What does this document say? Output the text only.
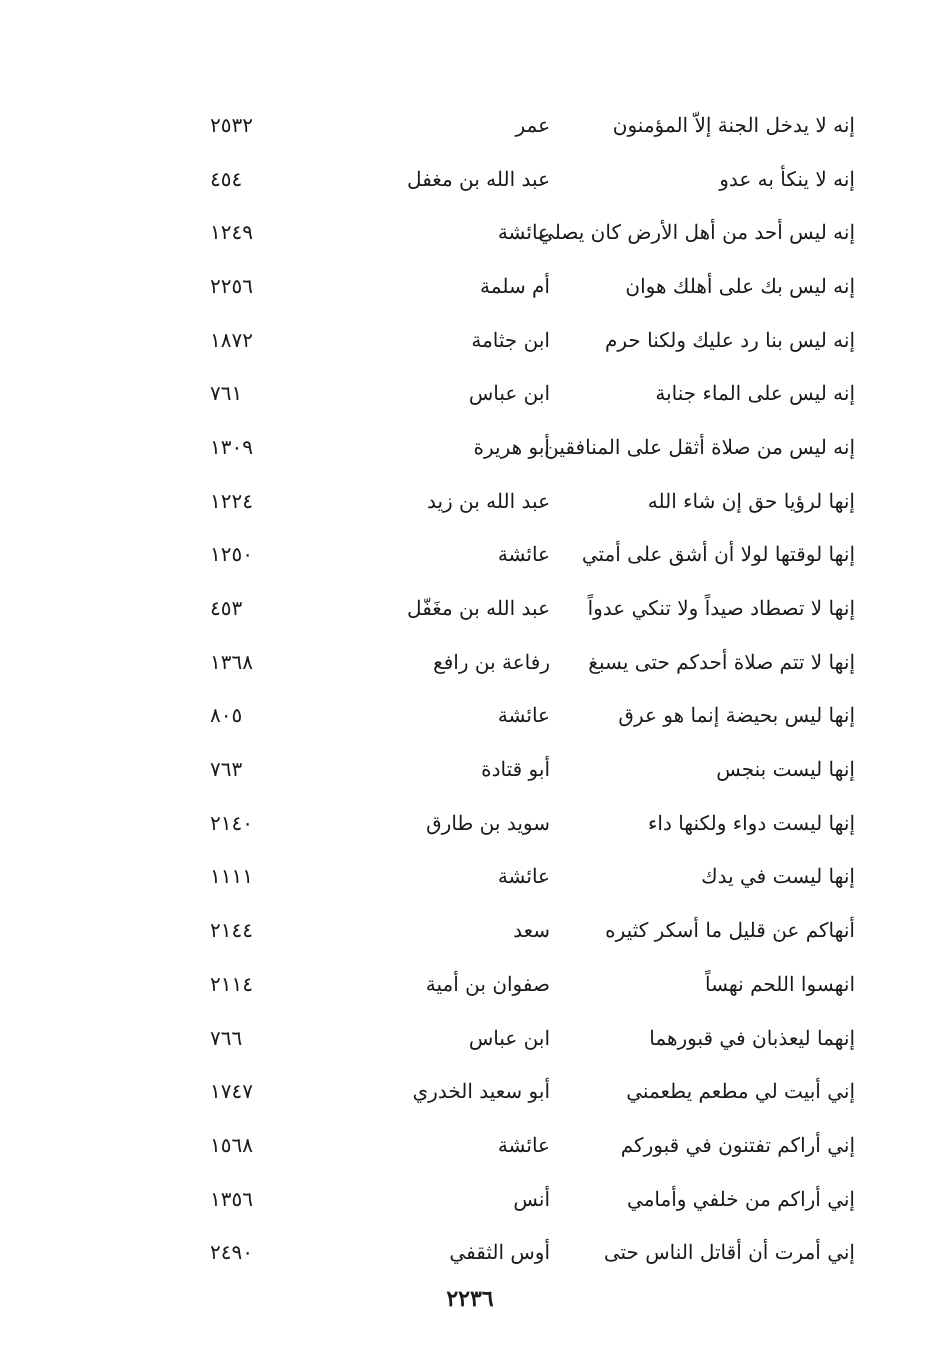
إنه لا يدخل الجنة إلاّ المؤمنون
عمر
٢٥٣٢
إنه لا ينكأ به عدو
عبد الله بن مغفل
٤٥٤
إنه ليس أحد من أهل الأرض كان يصلي
عائشة
١٢٤٩
إنه ليس بك على أهلك هوان
أم سلمة
٢٢٥٦
إنه ليس بنا رد عليك ولكنا حرم
ابن جثامة
١٨٧٢
إنه ليس على الماء جنابة
ابن عباس
٧٦١
إنه ليس من صلاة أثقل على المنافقين
أبو هريرة
١٣٠٩
إنها لرؤيا حق إن شاء الله
عبد الله بن زيد
١٢٢٤
إنها لوقتها لولا أن أشق على أمتي
عائشة
١٢٥٠
إنها لا تصطاد صيداً ولا تنكي عدواً
عبد الله بن مغَفّل
٤٥٣
إنها لا تتم صلاة أحدكم حتى يسبغ
رفاعة بن رافع
١٣٦٨
إنها ليس بحيضة إنما هو عرق
عائشة
٨٠٥
إنها ليست بنجس
أبو قتادة
٧٦٣
إنها ليست دواء ولكنها داء
سويد بن طارق
٢١٤٠
إنها ليست في يدك
عائشة
١١١١
أنهاكم عن قليل ما أسكر كثيره
سعد
٢١٤٤
انهسوا اللحم نهساً
صفوان بن أمية
٢١١٤
إنهما ليعذبان في قبورهما
ابن عباس
٧٦٦
إني أبيت لي مطعم يطعمني
أبو سعيد الخدري
١٧٤٧
إني أراكم تفتنون في قبوركم
عائشة
١٥٦٨
إني أراكم من خلفي وأمامي
أنس
١٣٥٦
إني أمرت أن أقاتل الناس حتى
أوس الثقفي
٢٤٩٠
٢٢٣٦
